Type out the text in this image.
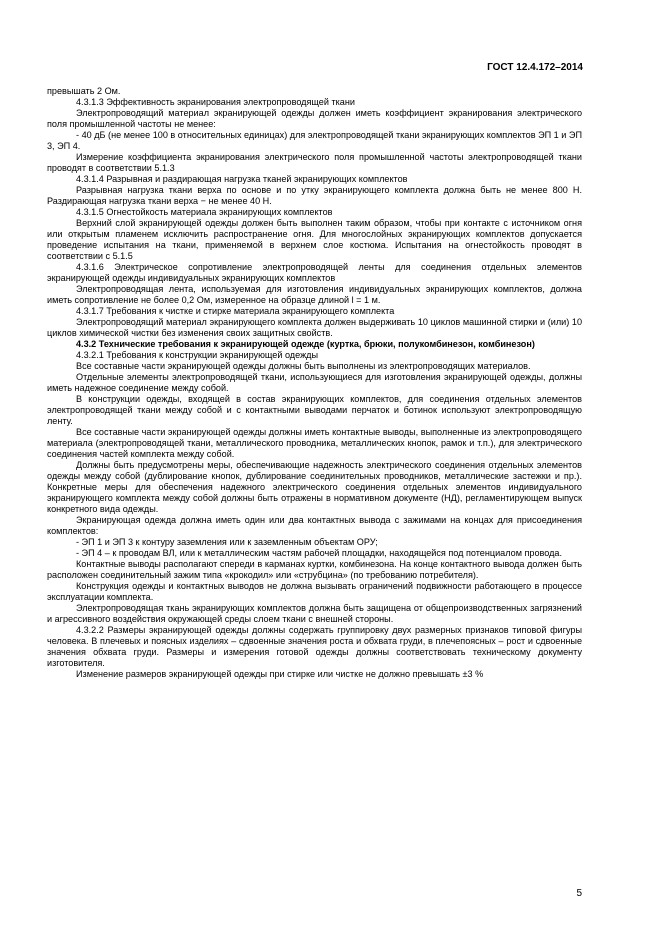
ГОСТ 12.4.172–2014

превышать 2 Ом.

4.3.1.3 Эффективность экранирования электропроводящей ткани

Электропроводящий материал экранирующей одежды должен иметь коэффициент экранирования электрического поля промышленной частоты не менее:

- 40 дБ (не менее 100 в относительных единицах) для электропроводящей ткани экранирующих комплектов ЭП 1 и ЭП 3, ЭП 4.

Измерение коэффициента экранирования электрического поля промышленной частоты электропроводящей ткани проводят в соответствии 5.1.3

4.3.1.4 Разрывная и раздирающая нагрузка тканей экранирующих комплектов

Разрывная нагрузка ткани верха по основе и по утку экранирующего комплекта должна быть не менее 800 Н. Раздирающая нагрузка ткани верха − не менее 40 Н.

4.3.1.5 Огнестойкость материала экранирующих комплектов

Верхний слой экранирующей одежды должен быть выполнен таким образом, чтобы при контакте с источником огня или открытым пламенем исключить распространение огня. Для многослойных экранирующих комплектов допускается проведение испытания на ткани, применяемой в верхнем слое костюма. Испытания на огнестойкость проводят в соответствии с 5.1.5

4.3.1.6 Электрическое сопротивление электропроводящей ленты для соединения отдельных элементов экранирующей одежды индивидуальных экранирующих комплектов

Электропроводящая лента, используемая для изготовления индивидуальных экранирующих комплектов, должна иметь сопротивление не более 0,2 Ом, измеренное на образце длиной l = 1 м.

4.3.1.7 Требования к чистке и стирке материала экранирующего комплекта

Электропроводящий материал экранирующего комплекта должен выдерживать 10 циклов машинной стирки и (или) 10 циклов химической чистки без изменения своих защитных свойств.

4.3.2 Технические требования к экранирующей одежде (куртка, брюки, полукомбинезон, комбинезон)

4.3.2.1 Требования к конструкции экранирующей одежды

Все составные части экранирующей одежды должны быть выполнены из электропроводящих материалов.

Отдельные элементы электропроводящей ткани, использующиеся для изготовления экранирующей одежды, должны иметь надежное соединение между собой.

В конструкции одежды, входящей в состав экранирующих комплектов, для соединения отдельных элементов электропроводящей ткани между собой и с контактными выводами перчаток и ботинок используют электропроводящую ленту.

Все составные части экранирующей одежды должны иметь контактные выводы, выполненные из электропроводящего материала (электропроводящей ткани, металлического проводника, металлических кнопок, рамок и т.п.), для электрического соединения частей комплекта между собой.

Должны быть предусмотрены меры, обеспечивающие надежность электрического соединения отдельных элементов одежды между собой (дублирование кнопок, дублирование соединительных проводников, металлические застежки и пр.). Конкретные меры для обеспечения надежного электрического соединения отдельных элементов индивидуального экранирующего комплекта между собой должны быть отражены в нормативном документе (НД), регламентирующем выпуск конкретного вида одежды.

Экранирующая одежда должна иметь один или два контактных вывода с зажимами на концах для присоединения комплектов:

- ЭП 1 и ЭП 3 к контуру заземления или к заземленным объектам ОРУ;

- ЭП 4 – к проводам ВЛ, или к металлическим частям рабочей площадки, находящейся под потенциалом провода.

Контактные выводы располагают спереди в карманах куртки, комбинезона. На конце контактного вывода должен быть расположен соединительный зажим типа «крокодил» или «струбцина» (по требованию потребителя).

Конструкция одежды и контактных выводов не должна вызывать ограничений подвижности работающего в процессе эксплуатации комплекта.

Электропроводящая ткань экранирующих комплектов должна быть защищена от общепроизводственных загрязнений и агрессивного воздействия окружающей среды слоем ткани с внешней стороны.

4.3.2.2 Размеры экранирующей одежды должны содержать группировку двух размерных признаков типовой фигуры человека. В плечевых и поясных изделиях – сдвоенные значения роста и обхвата груди, в плечепоясных – рост и сдвоенные значения обхвата груди. Размеры и измерения готовой одежды должны соответствовать техническому документу изготовителя.

Изменение размеров экранирующей одежды при стирке или чистке не должно превышать ±3 %

5
